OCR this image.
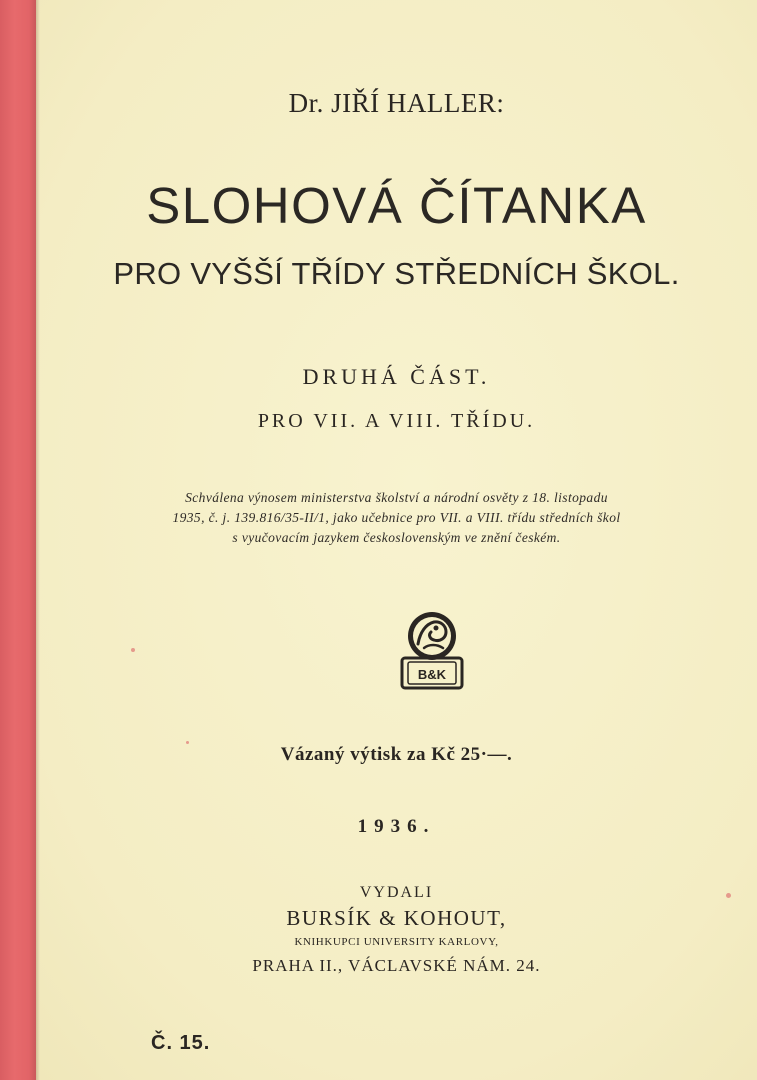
Dr. JIŘÍ HALLER:
SLOHOVÁ ČÍTANKA
PRO VYŠŠÍ TŘÍDY STŘEDNÍCH ŠKOL.
DRUHÁ ČÁST.
PRO VII. A VIII. TŘÍDU.
Schválena výnosem ministerstva školství a národní osvěty z 18. listopadu
1935, č. j. 139.816/35-II/1, jako učebnice pro VII. a VIII. třídu středních škol
s vyučovacím jazykem československým ve znění českém.
B&K
Vázaný výtisk za Kč 25·—.
1936.
VYDALI
BURSÍK & KOHOUT,
KNIHKUPCI UNIVERSITY KARLOVY,
PRAHA II., VÁCLAVSKÉ NÁM. 24.
Č. 15.
